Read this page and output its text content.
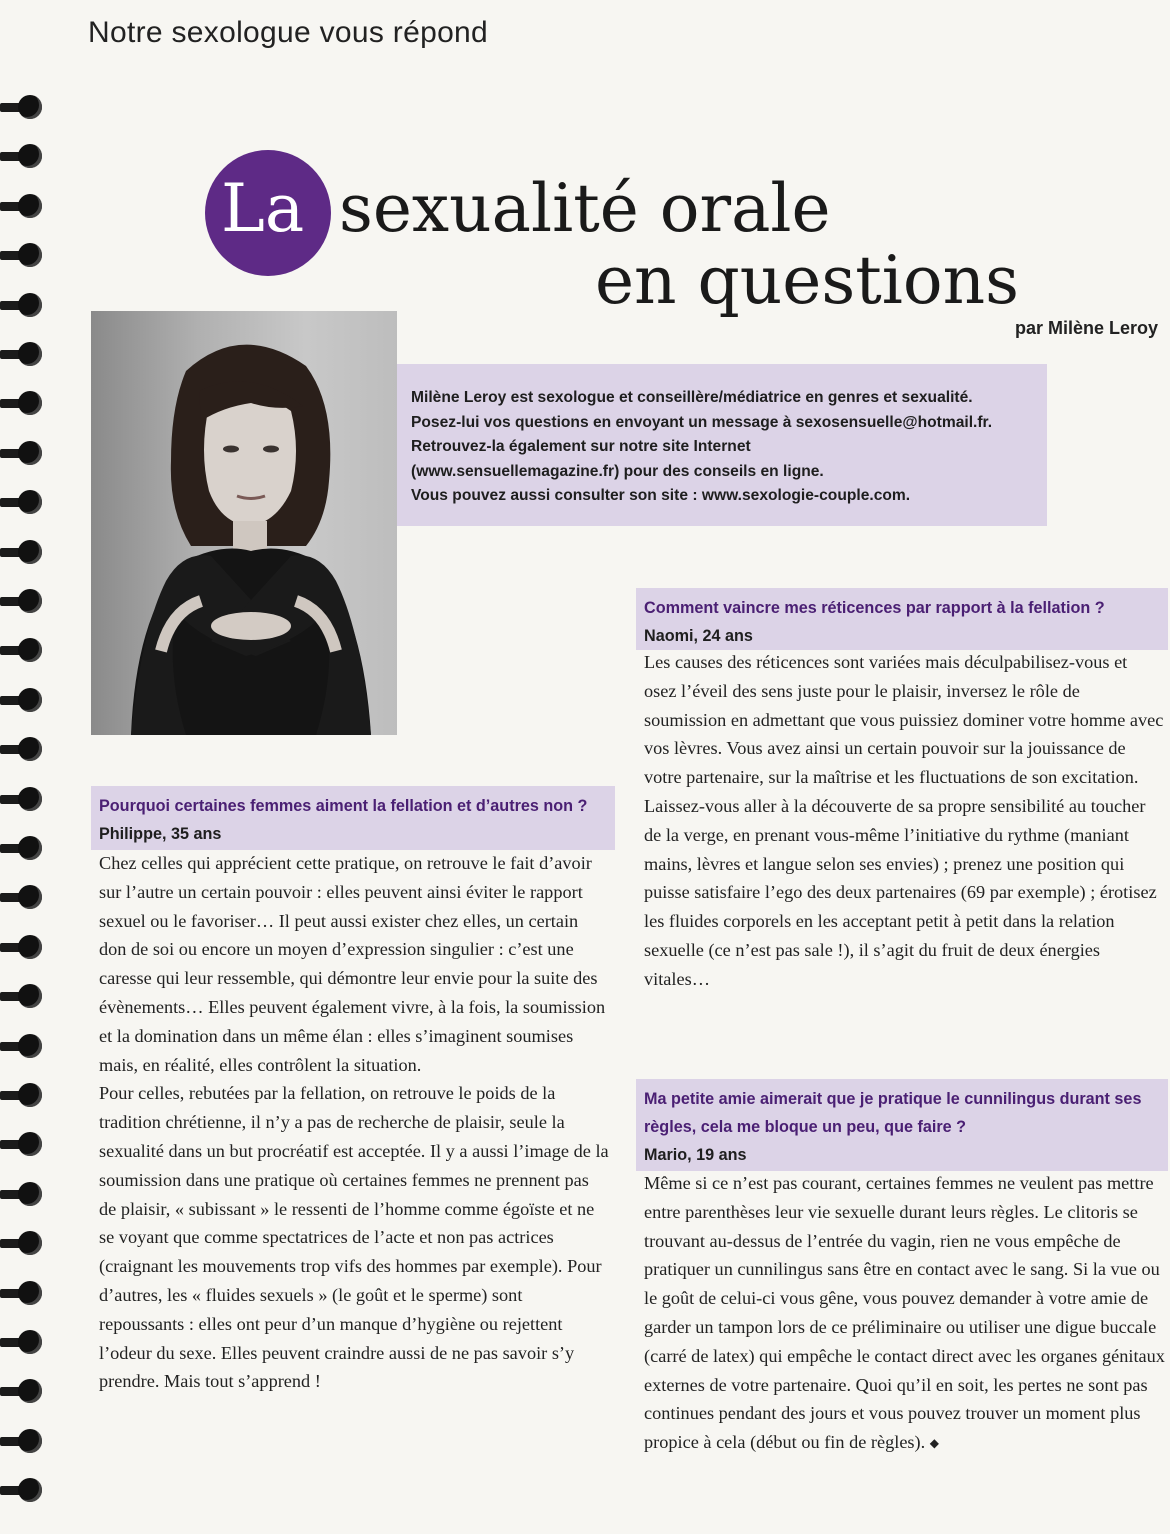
Notre sexologue vous répond
La sexualité orale
en questions
par Milène Leroy

Milène Leroy est sexologue et conseillère/médiatrice en genres et sexualité.

Posez-lui vos questions en envoyant un message à sexosensuelle@hotmail.fr.

Retrouvez-la également sur notre site Internet

(www.sensuellemagazine.fr) pour des conseils en ligne.

Vous pouvez aussi consulter son site : www.sexologie-couple.com.

Pourquoi certaines femmes aiment la fellation et d’autres non ? Philippe, 35 ans

Chez celles qui apprécient cette pratique, on retrouve le fait d’avoir sur l’autre un certain pouvoir : elles peuvent ainsi éviter le rapport sexuel ou le favoriser… Il peut aussi exister chez elles, un certain don de soi ou encore un moyen d’expression singulier : c’est une caresse qui leur ressemble, qui démontre leur envie pour la suite des évènements… Elles peuvent également vivre, à la fois, la soumission et la domination dans un même élan : elles s’imaginent soumises mais, en réalité, elles contrôlent la situation.

Pour celles, rebutées par la fellation, on retrouve le poids de la tradition chrétienne, il n’y a pas de recherche de plaisir, seule la sexualité dans un but procréatif est acceptée. Il y a aussi l’image de la soumission dans une pratique où certaines femmes ne prennent pas de plaisir, « subissant » le ressenti de l’homme comme égoïste et ne se voyant que comme spectatrices de l’acte et non pas actrices (craignant les mouvements trop vifs des hommes par exemple). Pour d’autres, les « fluides sexuels » (le goût et le sperme) sont repoussants : elles ont peur d’un manque d’hygiène ou rejettent l’odeur du sexe. Elles peuvent craindre aussi de ne pas savoir s’y prendre. Mais tout s’apprend !

Comment vaincre mes réticences par rapport à la fellation ? Naomi, 24 ans

Les causes des réticences sont variées mais déculpabilisez-vous et osez l’éveil des sens juste pour le plaisir, inversez le rôle de soumission en admettant que vous puissiez dominer votre homme avec vos lèvres. Vous avez ainsi un certain pouvoir sur la jouissance de votre partenaire, sur la maîtrise et les fluctuations de son excitation. Laissez-vous aller à la découverte de sa propre sensibilité au toucher de la verge, en prenant vous-même l’initiative du rythme (maniant mains, lèvres et langue selon ses envies) ; prenez une position qui puisse satisfaire l’ego des deux partenaires (69 par exemple) ; érotisez les fluides corporels en les acceptant petit à petit dans la relation sexuelle (ce n’est pas sale !), il s’agit du fruit de deux énergies vitales…

Ma petite amie aimerait que je pratique le cunnilingus durant ses règles, cela me bloque un peu, que faire ?
Mario, 19 ans

Même si ce n’est pas courant, certaines femmes ne veulent pas mettre entre parenthèses leur vie sexuelle durant leurs règles. Le clitoris se trouvant au-dessus de l’entrée du vagin, rien ne vous empêche de pratiquer un cunnilingus sans être en contact avec le sang. Si la vue ou le goût de celui-ci vous gêne, vous pouvez demander à votre amie de garder un tampon lors de ce préliminaire ou utiliser une digue buccale (carré de latex) qui empêche le contact direct avec les organes génitaux externes de votre partenaire. Quoi qu’il en soit, les pertes ne sont pas continues pendant des jours et vous pouvez trouver un moment plus propice à cela (début ou fin de règles). ◆
